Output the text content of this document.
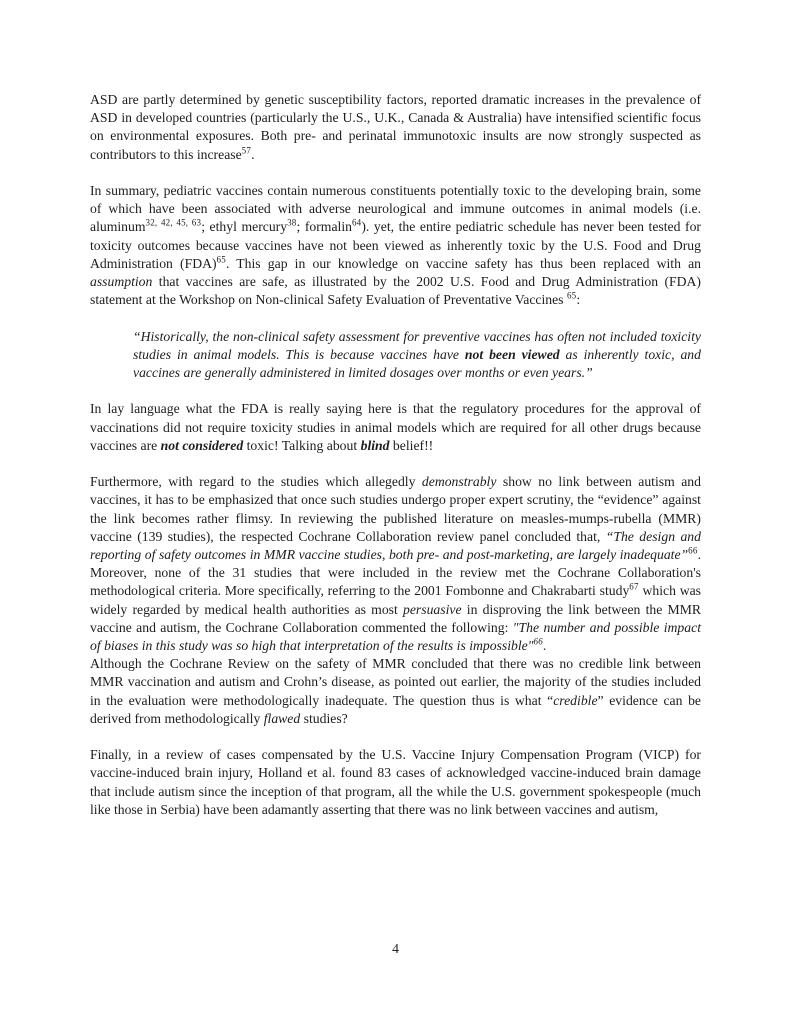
ASD are partly determined by genetic susceptibility factors, reported dramatic increases in the prevalence of ASD in developed countries (particularly the U.S., U.K., Canada & Australia) have intensified scientific focus on environmental exposures. Both pre- and perinatal immunotoxic insults are now strongly suspected as contributors to this increase$^{57}$.

In summary, pediatric vaccines contain numerous constituents potentially toxic to the developing brain, some of which have been associated with adverse neurological and immune outcomes in animal models (i.e. aluminum$^{32, 42, 45, 63}$; ethyl mercury$^{38}$; formalin$^{64}$). yet, the entire pediatric schedule has never been tested for toxicity outcomes because vaccines have not been viewed as inherently toxic by the U.S. Food and Drug Administration (FDA)$^{65}$. This gap in our knowledge on vaccine safety has thus been replaced with an assumption that vaccines are safe, as illustrated by the 2002 U.S. Food and Drug Administration (FDA) statement at the Workshop on Non-clinical Safety Evaluation of Preventative Vaccines $^{65}$:

“Historically, the non-clinical safety assessment for preventive vaccines has often not included toxicity studies in animal models. This is because vaccines have not been viewed as inherently toxic, and vaccines are generally administered in limited dosages over months or even years.”

In lay language what the FDA is really saying here is that the regulatory procedures for the approval of vaccinations did not require toxicity studies in animal models which are required for all other drugs because vaccines are not considered toxic! Talking about blind belief!!

Furthermore, with regard to the studies which allegedly demonstrably show no link between autism and vaccines, it has to be emphasized that once such studies undergo proper expert scrutiny, the “evidence” against the link becomes rather flimsy. In reviewing the published literature on measles-mumps-rubella (MMR) vaccine (139 studies), the respected Cochrane Collaboration review panel concluded that, “The design and reporting of safety outcomes in MMR vaccine studies, both pre- and post-marketing, are largely inadequate”$^{66}$. Moreover, none of the 31 studies that were included in the review met the Cochrane Collaboration's methodological criteria. More specifically, referring to the 2001 Fombonne and Chakrabarti study$^{67}$ which was widely regarded by medical health authorities as most persuasive in disproving the link between the MMR vaccine and autism, the Cochrane Collaboration commented the following: "The number and possible impact of biases in this study was so high that interpretation of the results is impossible"$^{66}$.

Although the Cochrane Review on the safety of MMR concluded that there was no credible link between MMR vaccination and autism and Crohn’s disease, as pointed out earlier, the majority of the studies included in the evaluation were methodologically inadequate. The question thus is what “credible” evidence can be derived from methodologically flawed studies?

Finally, in a review of cases compensated by the U.S. Vaccine Injury Compensation Program (VICP) for vaccine-induced brain injury, Holland et al. found 83 cases of acknowledged vaccine-induced brain damage that include autism since the inception of that program, all the while the U.S. government spokespeople (much like those in Serbia) have been adamantly asserting that there was no link between vaccines and autism,

4
